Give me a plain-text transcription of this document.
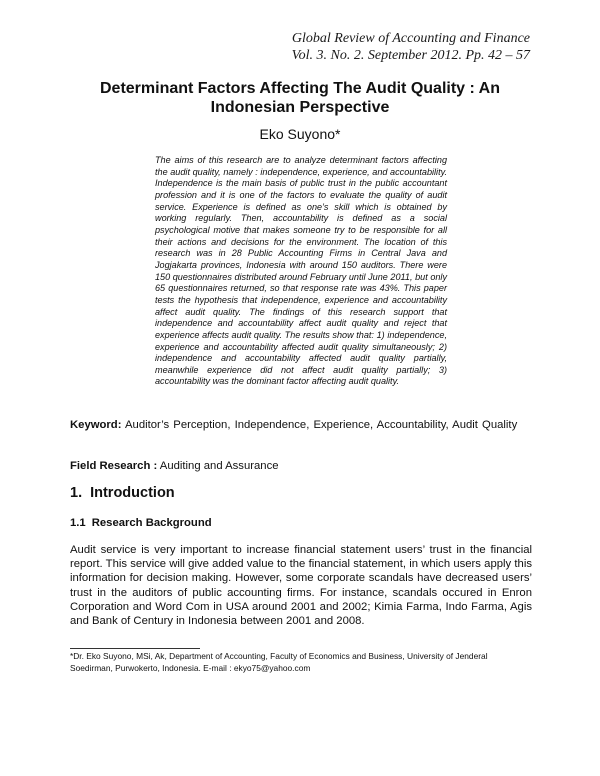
Global Review of Accounting and Finance
Vol. 3. No. 2. September 2012. Pp. 42 – 57
Determinant Factors Affecting The Audit Quality : An Indonesian Perspective
Eko Suyono*

The aims of this research are to analyze determinant factors affecting the audit quality, namely : independence, experience, and accountability. Independence is the main basis of public trust in the public accountant profession and it is one of the factors to evaluate the quality of audit service. Experience is defined as one’s skill which is obtained by working regularly. Then, accountability is defined as a social psychological motive that makes someone try to be responsible for all their actions and decisions for the environment. The location of this research was in 28 Public Accounting Firms in Central Java and Jogjakarta provinces, Indonesia with around 150 auditors. There were 150 questionnaires distributed around February until June 2011, but only 65 questionnaires returned, so that response rate was 43%. This paper tests the hypothesis that independence, experience and accountability affect audit quality. The findings of this research support that independence and accountability affect audit quality and reject that experience affects audit quality. The results show that: 1) independence, experience and accountability affected audit quality simultaneously; 2) independence and accountability affected audit quality partially, meanwhile experience did not affect audit quality partially; 3) accountability was the dominant factor affecting audit quality.

Keyword: Auditor’s Perception, Independence, Experience, Accountability, Audit Quality
Field Research : Auditing and Assurance
1. Introduction
1.1 Research Background

Audit service is very important to increase financial statement users’ trust in the financial report. This service will give added value to the financial statement, in which users apply this information for decision making. However, some corporate scandals have decreased users’ trust in the auditors of public accounting firms. For instance, scandals occured in Enron Corporation and Word Com in USA around 2001 and 2002; Kimia Farma, Indo Farma, Agis and Bank of Century in Indonesia between 2001 and 2008.

*Dr. Eko Suyono, MSi, Ak, Department of Accounting, Faculty of Economics and Business, University of Jenderal Soedirman, Purwokerto, Indonesia. E-mail : ekyo75@yahoo.com
